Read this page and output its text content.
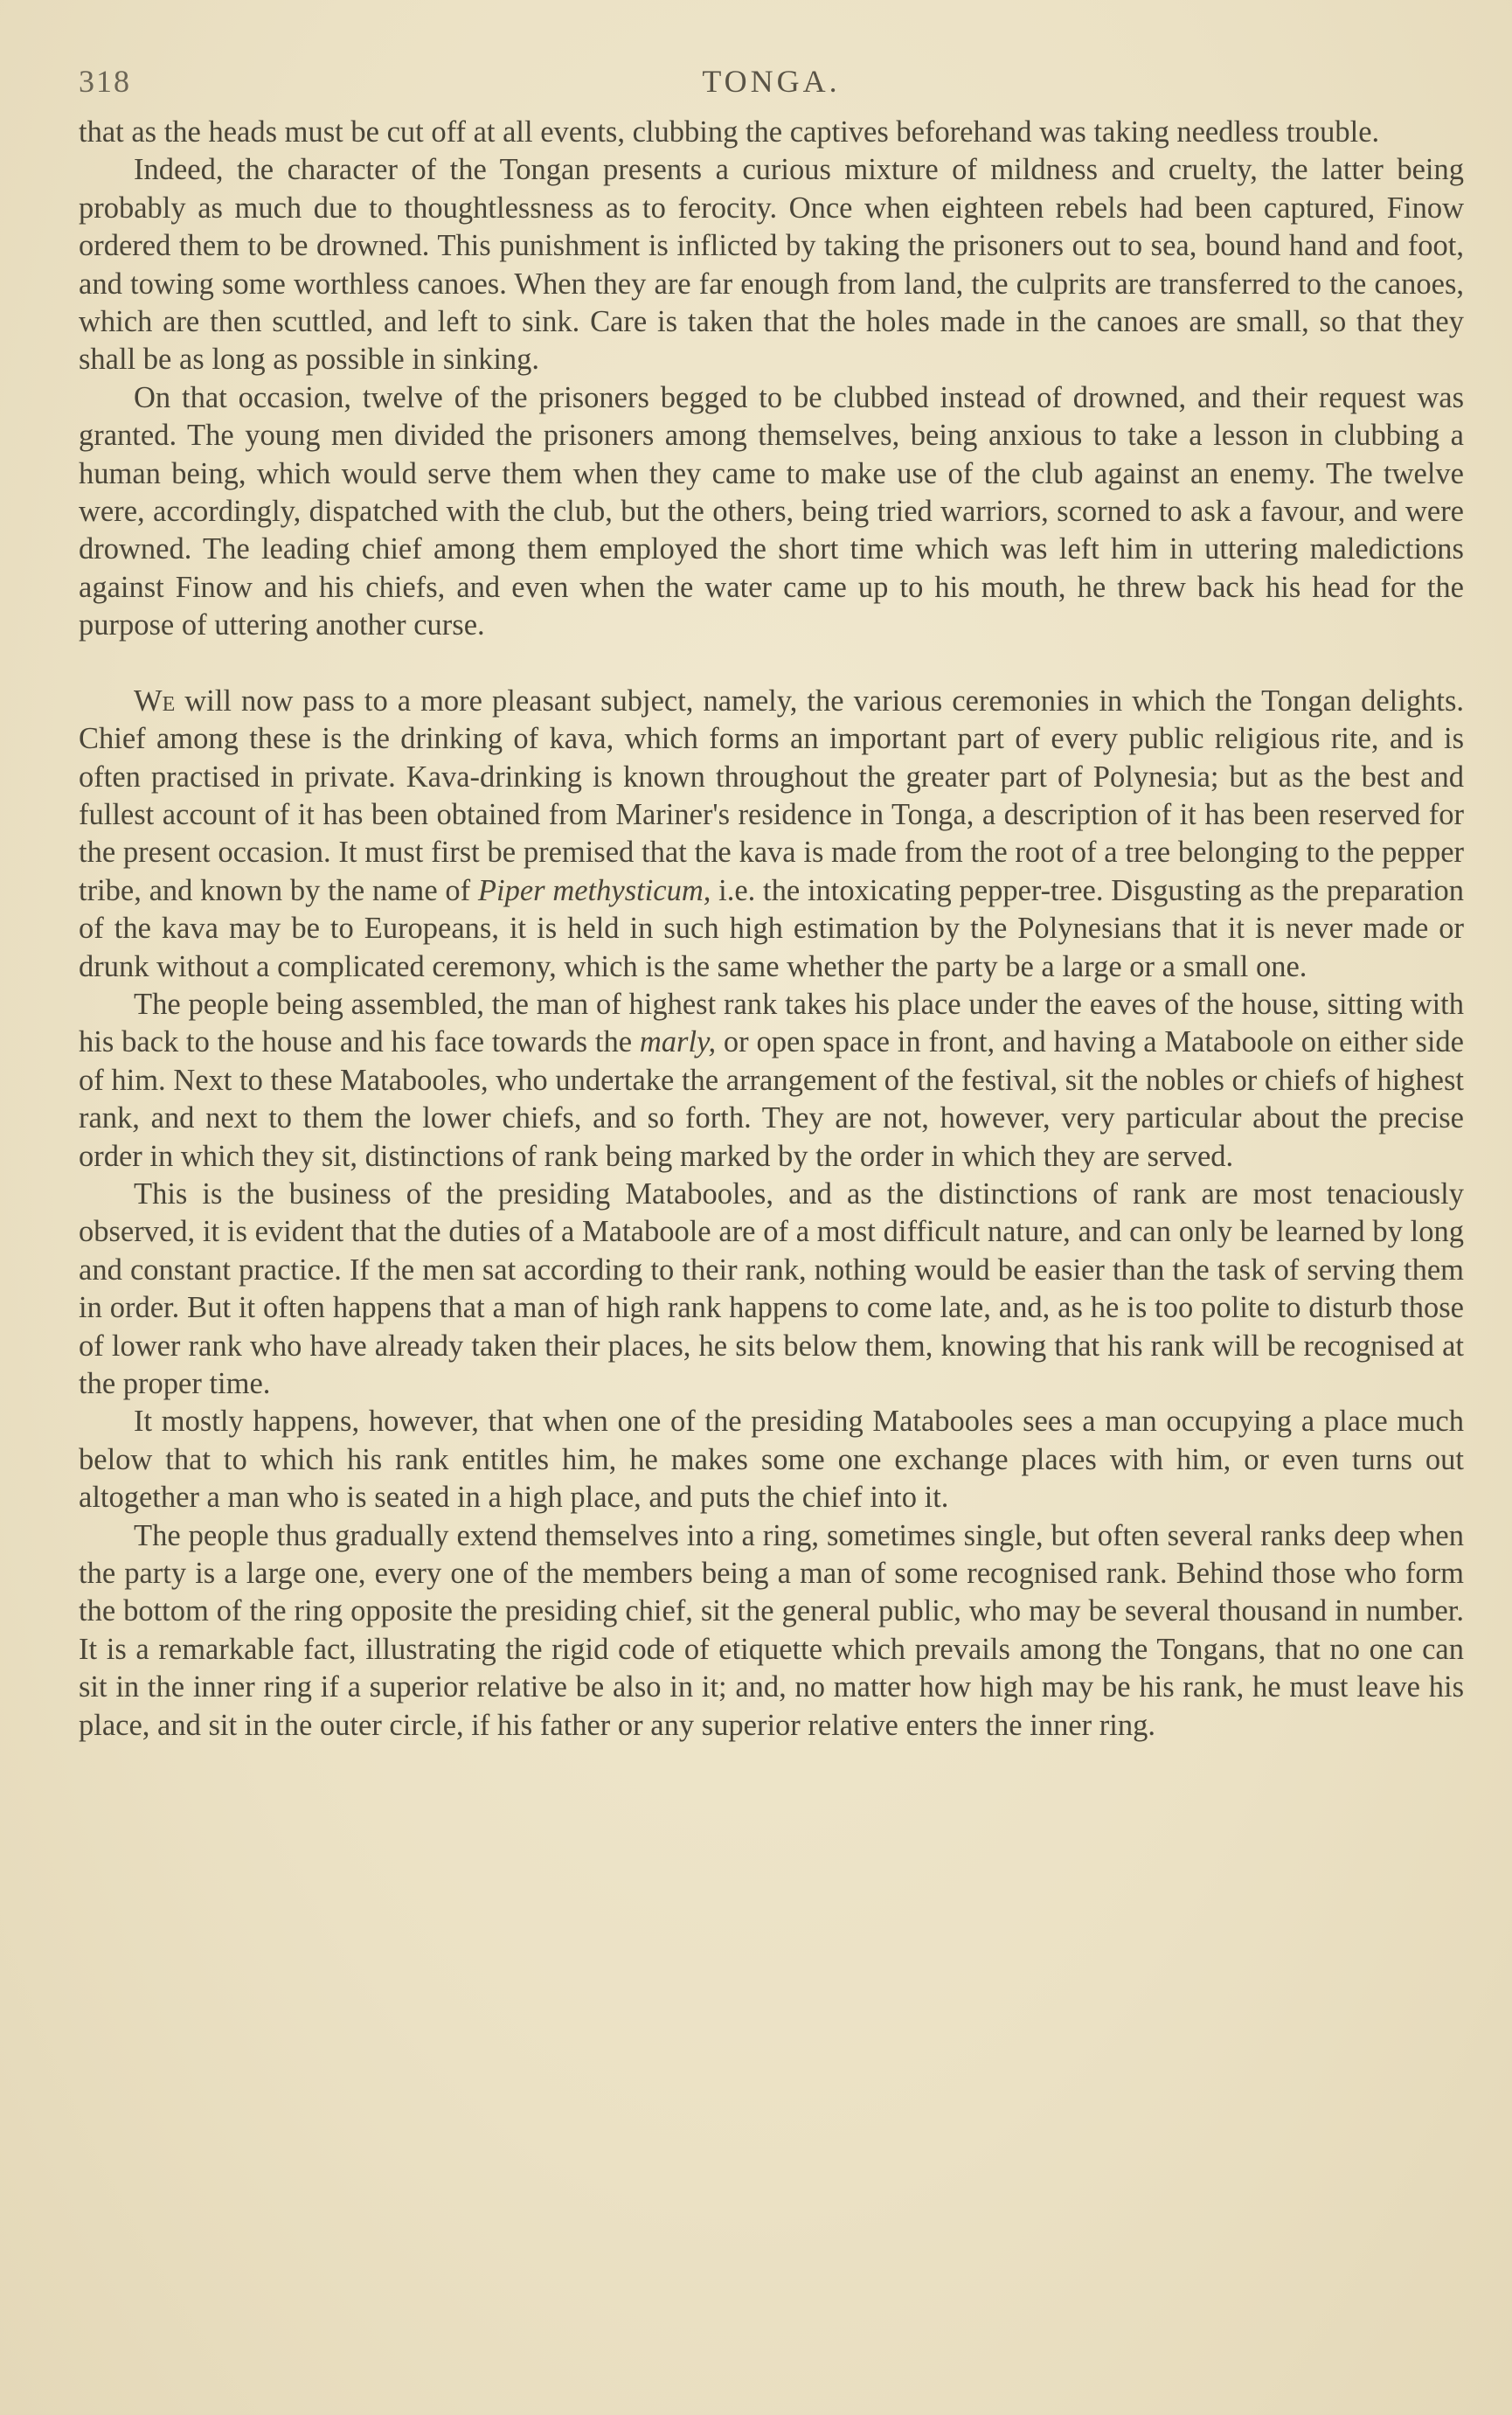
318	TONGA.

that as the heads must be cut off at all events, clubbing the captives beforehand was taking needless trouble.

Indeed, the character of the Tongan presents a curious mixture of mildness and cruelty, the latter being probably as much due to thoughtlessness as to ferocity. Once when eighteen rebels had been captured, Finow ordered them to be drowned. This punishment is inflicted by taking the prisoners out to sea, bound hand and foot, and towing some worthless canoes. When they are far enough from land, the culprits are transferred to the canoes, which are then scuttled, and left to sink. Care is taken that the holes made in the canoes are small, so that they shall be as long as possible in sinking.

On that occasion, twelve of the prisoners begged to be clubbed instead of drowned, and their request was granted. The young men divided the prisoners among themselves, being anxious to take a lesson in clubbing a human being, which would serve them when they came to make use of the club against an enemy. The twelve were, accordingly, dispatched with the club, but the others, being tried warriors, scorned to ask a favour, and were drowned. The leading chief among them employed the short time which was left him in uttering maledictions against Finow and his chiefs, and even when the water came up to his mouth, he threw back his head for the purpose of uttering another curse.

We will now pass to a more pleasant subject, namely, the various ceremonies in which the Tongan delights. Chief among these is the drinking of kava, which forms an important part of every public religious rite, and is often practised in private. Kava-drinking is known throughout the greater part of Polynesia; but as the best and fullest account of it has been obtained from Mariner's residence in Tonga, a description of it has been reserved for the present occasion. It must first be premised that the kava is made from the root of a tree belonging to the pepper tribe, and known by the name of Piper methysticum, i.e. the intoxicating pepper-tree. Disgusting as the preparation of the kava may be to Europeans, it is held in such high estimation by the Polynesians that it is never made or drunk without a complicated ceremony, which is the same whether the party be a large or a small one.

The people being assembled, the man of highest rank takes his place under the eaves of the house, sitting with his back to the house and his face towards the marly, or open space in front, and having a Mataboole on either side of him. Next to these Matabooles, who undertake the arrangement of the festival, sit the nobles or chiefs of highest rank, and next to them the lower chiefs, and so forth. They are not, however, very particular about the precise order in which they sit, distinctions of rank being marked by the order in which they are served.

This is the business of the presiding Matabooles, and as the distinctions of rank are most tenaciously observed, it is evident that the duties of a Mataboole are of a most difficult nature, and can only be learned by long and constant practice. If the men sat according to their rank, nothing would be easier than the task of serving them in order. But it often happens that a man of high rank happens to come late, and, as he is too polite to disturb those of lower rank who have already taken their places, he sits below them, knowing that his rank will be recognised at the proper time.

It mostly happens, however, that when one of the presiding Matabooles sees a man occupying a place much below that to which his rank entitles him, he makes some one exchange places with him, or even turns out altogether a man who is seated in a high place, and puts the chief into it.

The people thus gradually extend themselves into a ring, sometimes single, but often several ranks deep when the party is a large one, every one of the members being a man of some recognised rank. Behind those who form the bottom of the ring opposite the presiding chief, sit the general public, who may be several thousand in number. It is a remarkable fact, illustrating the rigid code of etiquette which prevails among the Tongans, that no one can sit in the inner ring if a superior relative be also in it; and, no matter how high may be his rank, he must leave his place, and sit in the outer circle, if his father or any superior relative enters the inner ring.
